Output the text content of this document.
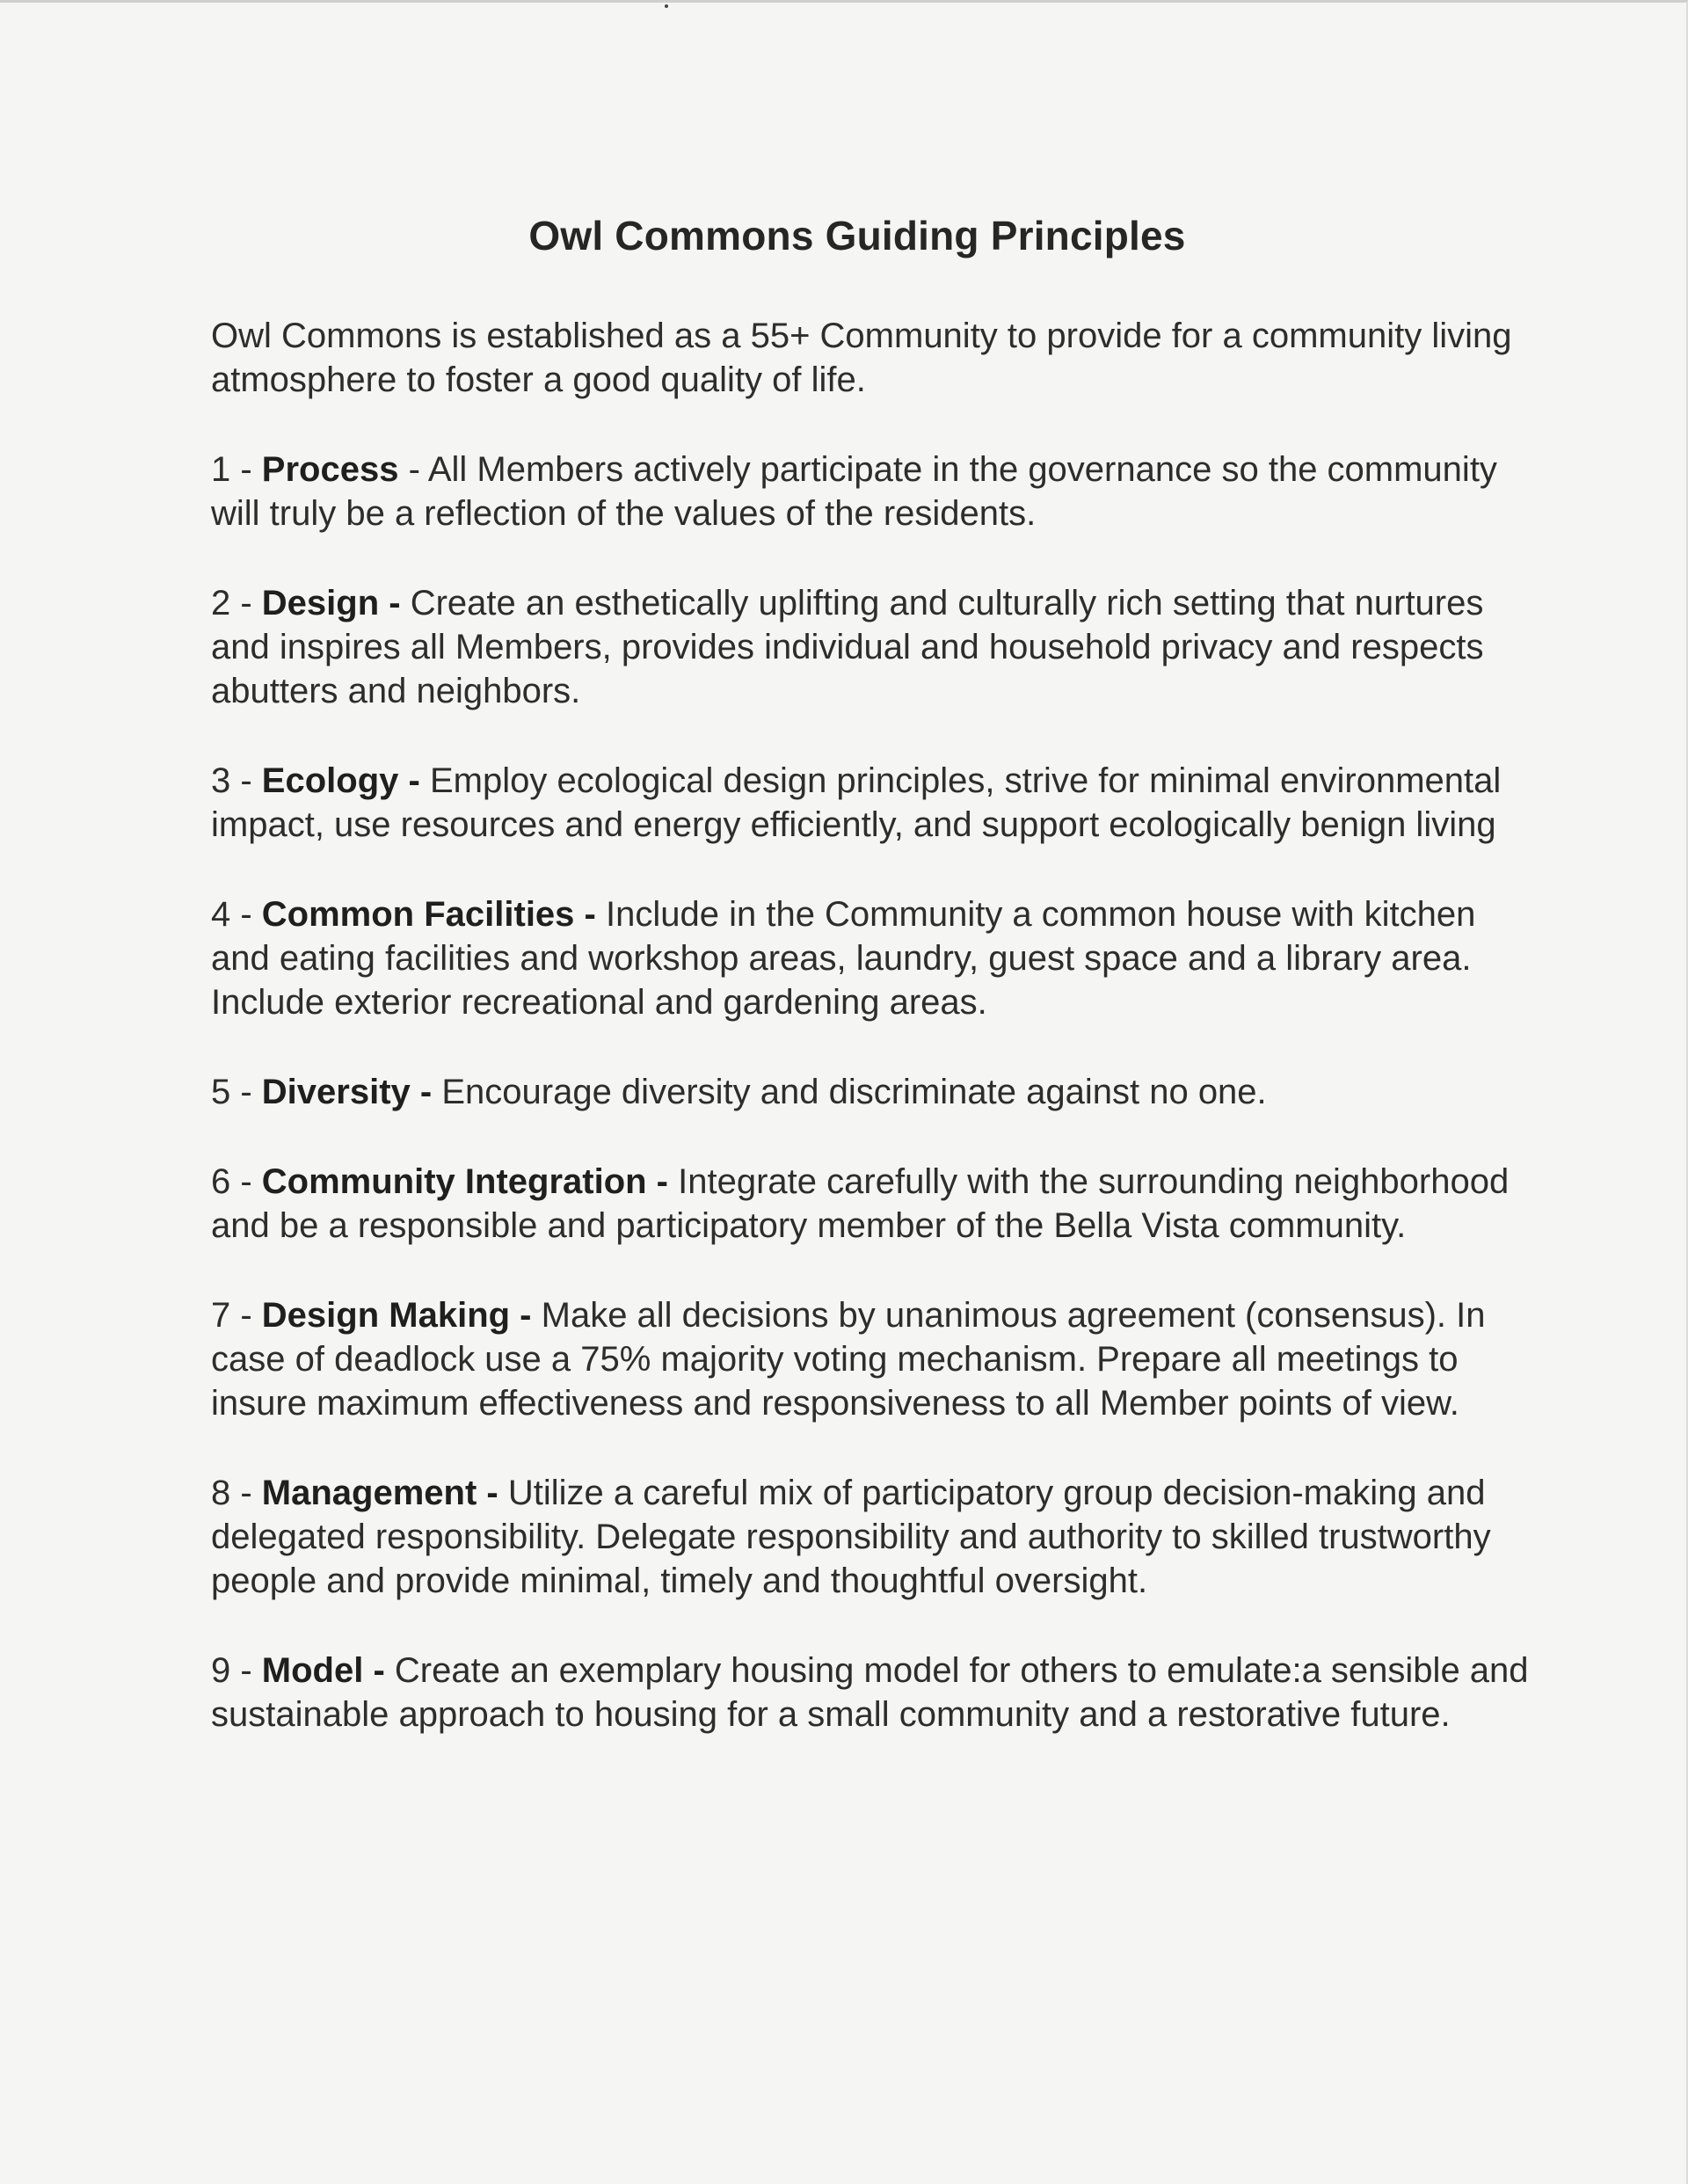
Owl Commons Guiding Principles

Owl Commons is established as a 55+ Community to provide for a community living atmosphere to foster a good quality of life.

1 - Process - All Members actively participate in the governance so the community will truly be a reflection of the values of the residents.

2 - Design - Create an esthetically uplifting and culturally rich setting that nurtures and inspires all Members, provides individual and household privacy and respects abutters and neighbors.

3 - Ecology - Employ ecological design principles, strive for minimal environmental impact, use resources and energy efficiently, and support ecologically benign living

4 - Common Facilities - Include in the Community a common house with kitchen and eating facilities and workshop areas, laundry, guest space and a library area. Include exterior recreational and gardening areas.

5 - Diversity - Encourage diversity and discriminate against no one.

6 - Community Integration - Integrate carefully with the surrounding neighborhood and be a responsible and participatory member of the Bella Vista community.

7 - Design Making - Make all decisions by unanimous agreement (consensus). In case of deadlock use a 75% majority voting mechanism. Prepare all meetings to insure maximum effectiveness and responsiveness to all Member points of view.

8 - Management - Utilize a careful mix of participatory group decision-making and delegated responsibility. Delegate responsibility and authority to skilled trustworthy people and provide minimal, timely and thoughtful oversight.

9 - Model - Create an exemplary housing model for others to emulate:a sensible and sustainable approach to housing for a small community and a restorative future.
